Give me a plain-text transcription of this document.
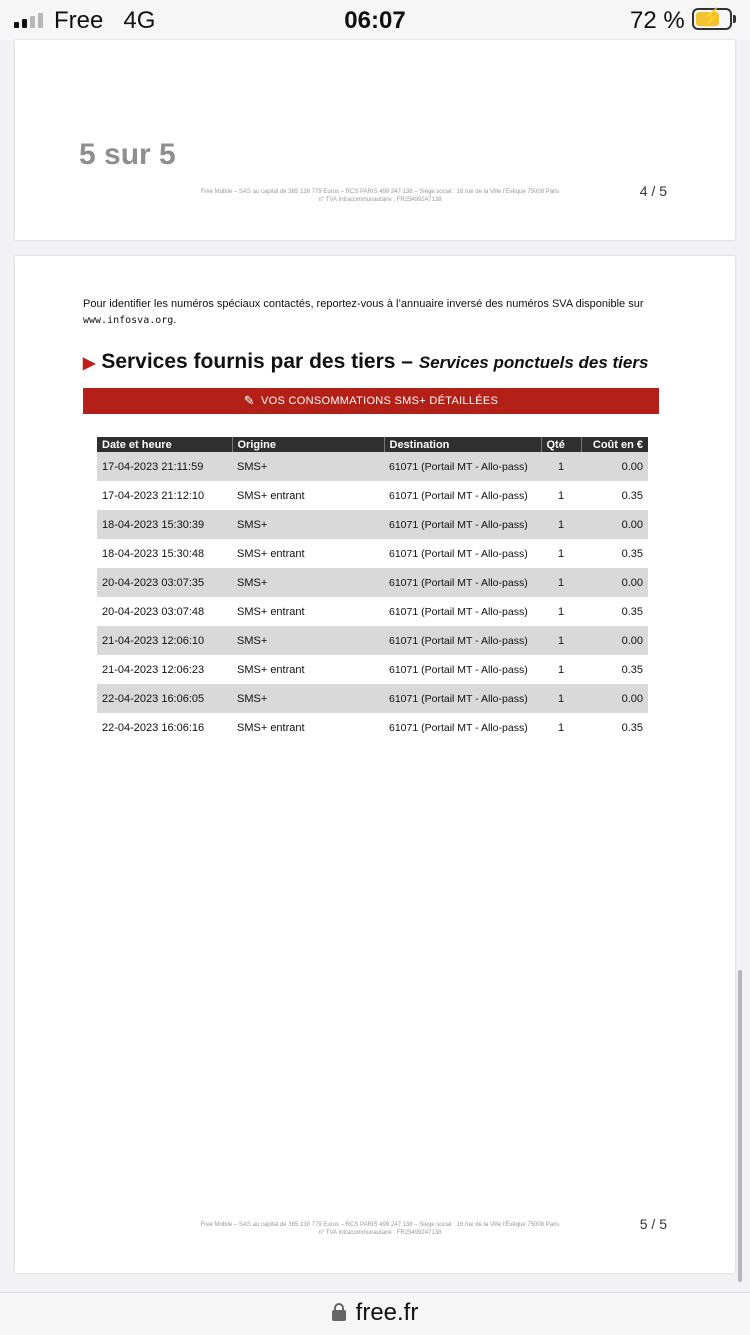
Free 4G	06:07	72 % ⚡
5 sur 5
Free Mobile – SAS au capital de 365 138 779 Euros – RCS PARIS 499 247 138 – Siège social : 16 rue de la Ville l'Évêque 75008 Paris
n° TVA Intracommunautaire : FR25499247138
4 / 5
Pour identifier les numéros spéciaux contactés, reportez-vous à l’annuaire inversé des numéros SVA disponible sur
www.infosva.org.
▶ Services fournis par des tiers – Services ponctuels des tiers
✎ VOS CONSOMMATIONS SMS+ DÉTAILLÉES
Date et heure	Origine	Destination	Qté	Coût en €
17-04-2023 21:11:59	SMS+	61071 (Portail MT - Allo-pass)	1	0.00
17-04-2023 21:12:10	SMS+ entrant	61071 (Portail MT - Allo-pass)	1	0.35
18-04-2023 15:30:39	SMS+	61071 (Portail MT - Allo-pass)	1	0.00
18-04-2023 15:30:48	SMS+ entrant	61071 (Portail MT - Allo-pass)	1	0.35
20-04-2023 03:07:35	SMS+	61071 (Portail MT - Allo-pass)	1	0.00
20-04-2023 03:07:48	SMS+ entrant	61071 (Portail MT - Allo-pass)	1	0.35
21-04-2023 12:06:10	SMS+	61071 (Portail MT - Allo-pass)	1	0.00
21-04-2023 12:06:23	SMS+ entrant	61071 (Portail MT - Allo-pass)	1	0.35
22-04-2023 16:06:05	SMS+	61071 (Portail MT - Allo-pass)	1	0.00
22-04-2023 16:06:16	SMS+ entrant	61071 (Portail MT - Allo-pass)	1	0.35
Free Mobile – SAS au capital de 365 138 779 Euros – RCS PARIS 499 247 138 – Siège social : 16 rue de la Ville l'Évêque 75008 Paris
n° TVA Intracommunautaire : FR25499247138
5 / 5
free.fr
